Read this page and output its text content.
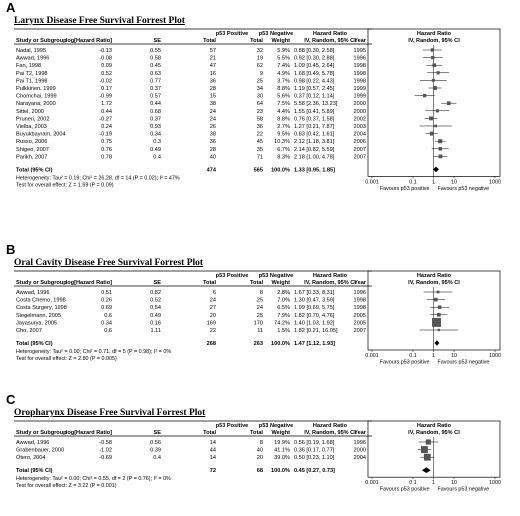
A
Larynx Disease Free Survival Forrest Plot
p53 Positive p53 Negative	Hazard Ratio	Hazard Ratio
Study or Subgroup log[Hazard Ratio]	SE	Total	Total Weight	IV, Random, 95% CI
Year	IV, Random, 95% CI
Nadal, 1995	-0.13	0.55	57	32	5.9% 0.88 [0.30, 2.58]	1995
Awwad, 1996	-0.08	0.58	21	19	5.5% 0.92 [0.30, 2.88]	1996
Fan, 1998	0.09	0.45	47	62	7.4% 1.09 [0.45, 2.64]	1998
Pai T2, 1998	0.52	0.63	16	9	4.9% 1.68 [0.49, 5.78]	1998
Pai T1, 1998	-0.02	0.77	36	25	3.7% 0.98 [0.22, 4.43]	1998
Pulkkinen, 1999	0.17	0.37	28	34	8.8% 1.19 [0.57, 2.45]	1999
Chomchai, 1999	-0.99	0.57	15	30	5.6% 0.37 [0.12, 1.14]	1999
Narayana, 2000	1.72	0.44	38	64	7.5% 5.58 [2.36, 13.23]	2000
Sittel, 2000	0.44	0.68	24	23	4.4% 1.55 [0.41, 5.89]	2000
Pruneri, 2002	-0.27	0.37	24	58	8.8% 0.76 [0.37, 1.58]	2002
Vielba, 2003	0.24	0.93	26	36	2.7% 1.27 [0.21, 7.87]	2003
Buyukbayram, 2004	-0.19	0.34	38	22	9.5% 0.83 [0.42, 1.61]	2004
Russo, 2006	0.75	0.3	36	45 10.3% 2.12 [1.18, 3.81]	2006
Shigeo, 2007	0.76	0.49	28	35	6.7% 2.14 [0.82, 5.59]	2007
Parikh, 2007	0.78	0.4	40	71	8.3% 2.18 [1.00, 4.78]	2007
Total (95% CI)	474	565 100.0% 1.33 [0.95, 1.85]
Heterogeneity: Tau² = 0.19; Chi² = 26.28, df = 14 (P = 0.02); I² = 47%
Test for overall effect: Z = 1.69 (P = 0.09)	0.001	0.1	1	10	1000
Favours p53 positive Favours p53 negative
B
Oral Cavity Disease Free Survival Forrest Plot
p53 Positive p53 Negative	Hazard Ratio	Hazard Ratio
Study or Subgroup log[Hazard Ratio]	SE	Total	Total Weight	IV, Random, 95% CI
Year	IV, Random, 95% CI
Awwad, 1996	0.51	0.82	6	8	2.8% 1.67 [0.33, 8.31]	1996
Costa Chemo, 1998	0.26	0.52	24	25	7.0% 1.30 [0.47, 3.59]	1998
Costa Surgery, 1998	0.69	0.54	27	24	6.5% 1.99 [0.69, 5.75]	1998
Siegelmann, 2005	0.6	0.49	20	25	7.9% 1.82 [0.70, 4.76]	2005
Jayasurya, 2005	0.34	0.16	169	170 74.2% 1.40 [1.03, 1.92]	2005
Cho, 2007	0.6	1.11	22	11	1.5% 1.82 [0.21, 16.05]	2007
Total (95% CI)	268	263 100.0% 1.47 [1.12, 1.93]
Heterogeneity: Tau² = 0.00; Chi² = 0.71, df = 5 (P = 0.98); I² = 0%
Test for overall effect: Z = 2.80 (P = 0.005)	0.001	0.1	1	10	1000
Favours p53 positive Favours p53 negative
C
Oropharynx Disease Free Survival Forrest Plot
p53 Positive p53 Negative	Hazard Ratio	Hazard Ratio
Study or Subgroup log[Hazard Ratio]	SE	Total	Total Weight	IV, Random, 95% CI
Year	IV, Random, 95% CI
Awwad, 1996	-0.58	0.56	14	8 19.9% 0.56 [0.19, 1.68]	1996
Grabenbauer, 2000	-1.02	0.39	44	40 41.1% 0.36 [0.17, 0.77]	2000
Otero, 2004	-0.69	0.4	14	20 39.0% 0.50 [0.23, 1.10]	2004
Total (95% CI)	72	68 100.0% 0.45 [0.27, 0.73]
Heterogeneity: Tau² = 0.00; Chi² = 0.55, df = 2 (P = 0.76); I² = 0%
Test for overall effect: Z = 3.22 (P = 0.001)	0.001	0.1	1	10	1000
Favours p53 positive Favours p53 negative
